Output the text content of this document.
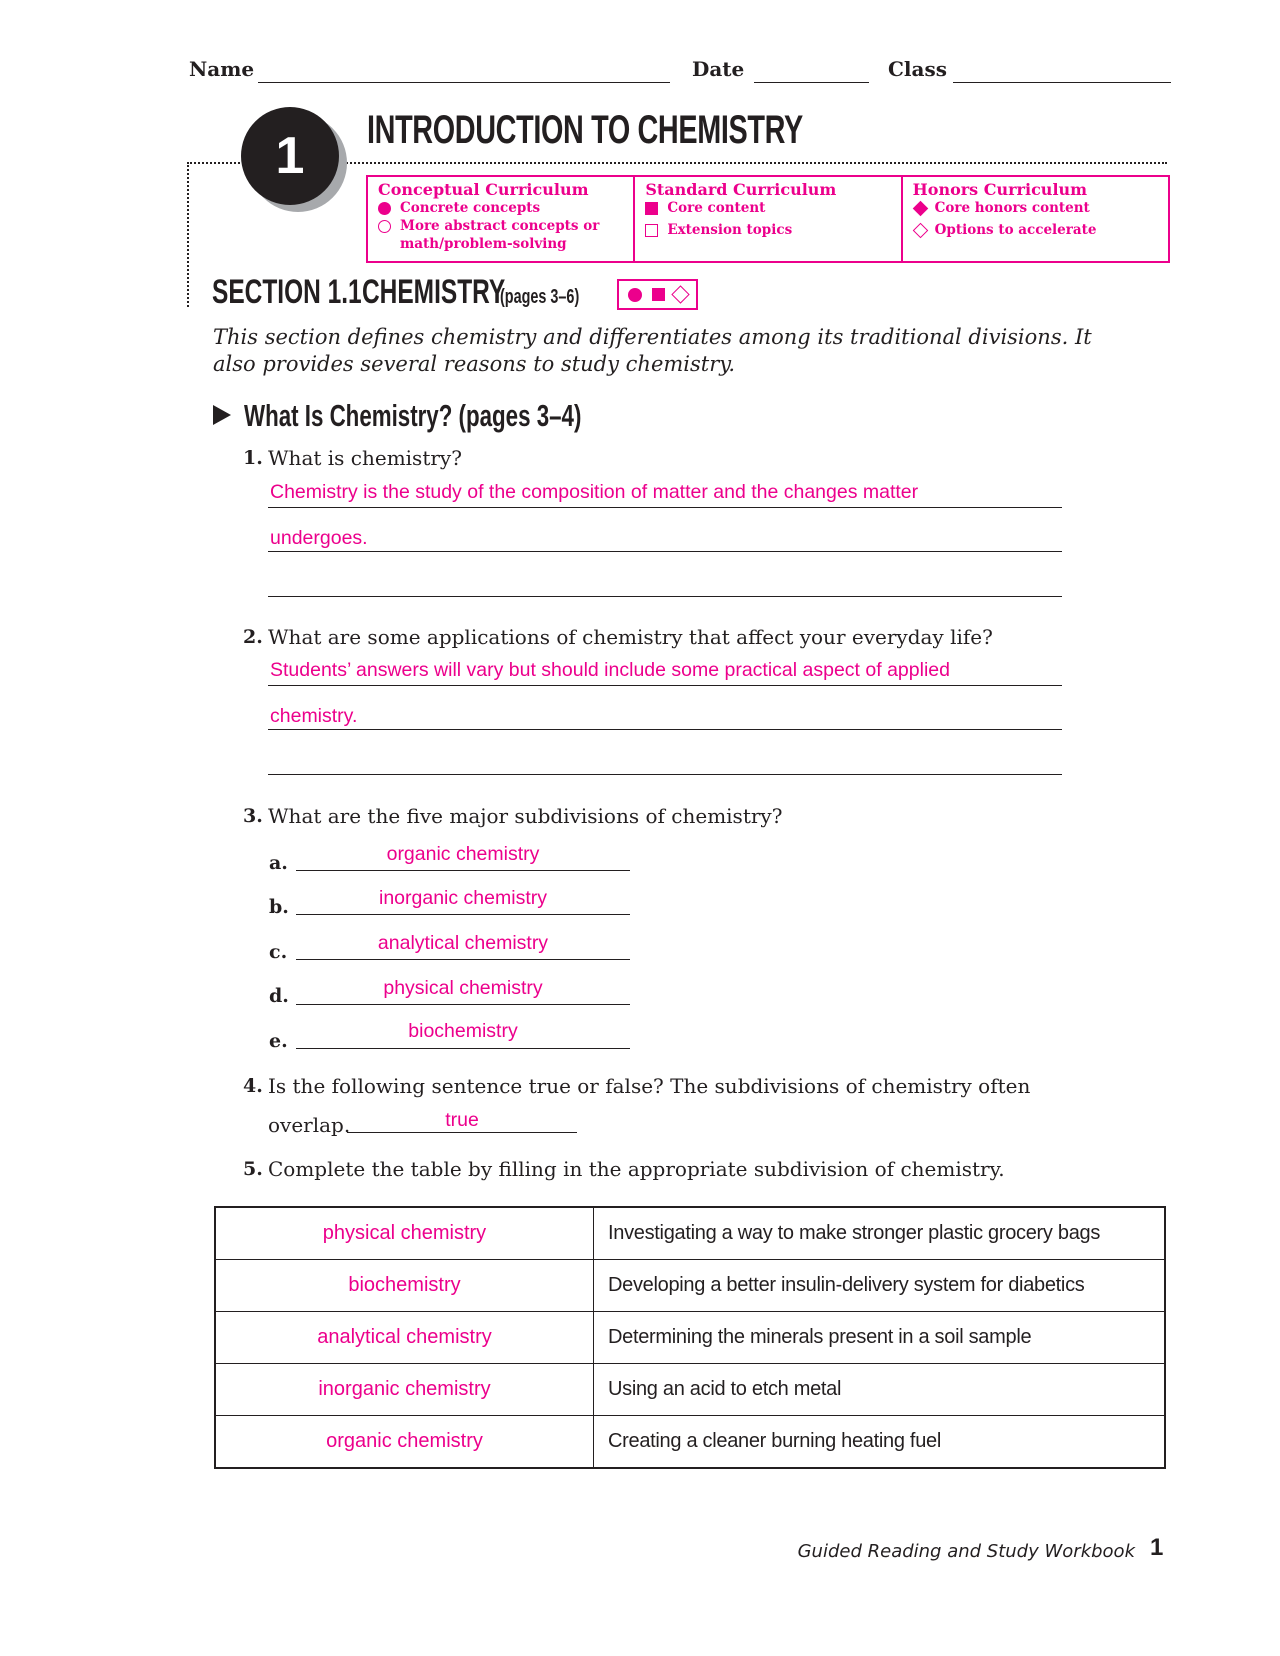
Name	Date	Class
1	INTRODUCTION TO CHEMISTRY
Conceptual Curriculum
Concrete concepts
More abstract concepts or math/problem-solving
Standard Curriculum
Core content
Extension topics
Honors Curriculum
Core honors content
Options to accelerate
SECTION 1.1 CHEMISTRY
(pages 3–6)
This section defines chemistry and differentiates among its traditional divisions. It also provides several reasons to study chemistry.
What Is Chemistry? (pages 3–4)
1. What is chemistry?
Chemistry is the study of the composition of matter and the changes matter
undergoes.
2. What are some applications of chemistry that affect your everyday life?
Students’ answers will vary but should include some practical aspect of applied
chemistry.
3. What are the five major subdivisions of chemistry?
a.	organic chemistry
b.	inorganic chemistry
c.	analytical chemistry
d.	physical chemistry
e.	biochemistry
4. Is the following sentence true or false? The subdivisions of chemistry often
overlap.	true
5. Complete the table by filling in the appropriate subdivision of chemistry.
physical chemistry	Investigating a way to make stronger plastic grocery bags
biochemistry	Developing a better insulin-delivery system for diabetics
analytical chemistry	Determining the minerals present in a soil sample
inorganic chemistry	Using an acid to etch metal
organic chemistry	Creating a cleaner burning heating fuel
Guided Reading and Study Workbook 1
